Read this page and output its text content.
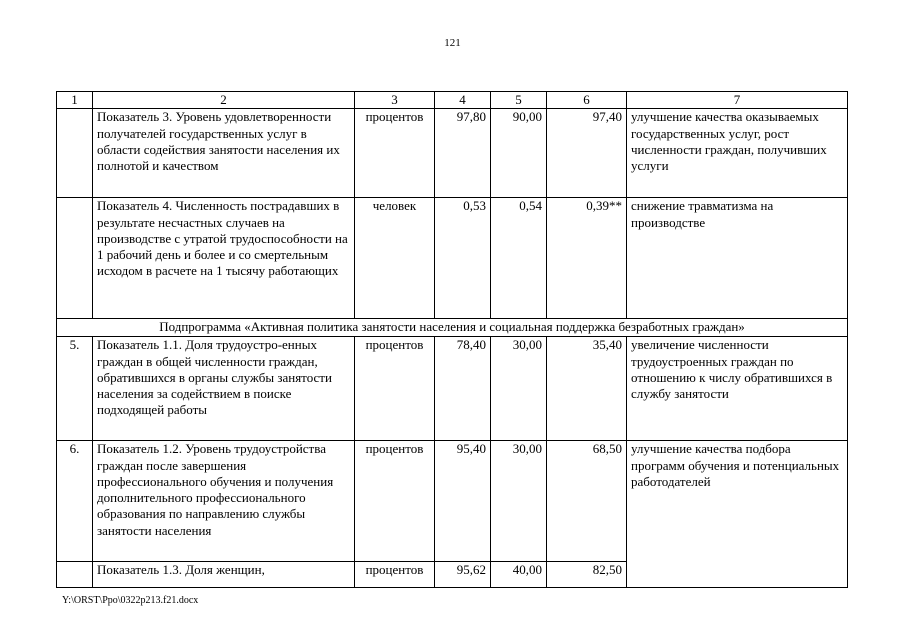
121
1	2	3	4	5	6	7
	Показатель 3. Уровень удовлетворенности получателей государственных услуг в области содействия занятости населения их полнотой и качеством	процентов	97,80	90,00	97,40	улучшение качества оказываемых государственных услуг, рост численности граждан, получивших услуги
	Показатель 4. Численность пострадавших в результате несчастных случаев на производстве с утратой трудоспособности на 1 рабочий день и более и со смертельным исходом в расчете на 1 тысячу работающих	человек	0,53	0,54	0,39**	снижение травматизма на производстве
Подпрограмма «Активная политика занятости населения и социальная поддержка безработных граждан»						
5.	Показатель 1.1. Доля трудоустро-енных граждан в общей численности граждан, обратившихся в органы службы занятости населения за содействием в поиске подходящей работы	процентов	78,40	30,00	35,40	увеличение численности трудоустроенных граждан по отношению к числу обратившихся в службу занятости
6.	Показатель 1.2. Уровень трудоустройства граждан после завершения профессионального обучения и получения дополнительного профессионального образования по направлению службы занятости населения	процентов	95,40	30,00	68,50	улучшение качества подбора программ обучения и потенциальных работодателей
	Показатель 1.3. Доля женщин,	процентов	95,62	40,00	82,50	
Y:\ORST\Ppo\0322p213.f21.docx
